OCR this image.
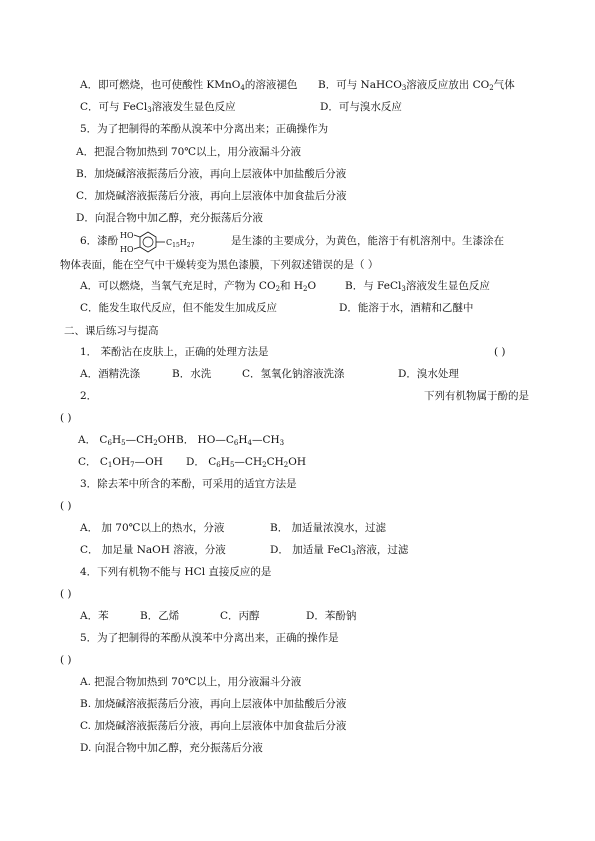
A．即可燃烧，也可使酸性 KMnO$_4$的溶液褪色 B．可与 NaHCO$_3$溶液反应放出 $CO_2$气体
C．可与 FeCl$_3$溶液发生显色反应	D．可与溴水反应
5．为了把制得的苯酚从溴苯中分离出来；正确操作为
A．把混合物加热到 70℃以上，用分液漏斗分液
B．加烧碱溶液振荡后分液，再向上层液体中加盐酸后分液
C．加烧碱溶液振荡后分液，再向上层液体中加食盐后分液
D．向混合物中加乙醇，充分振荡后分液
6．漆酚 HO
HO
$C_{15}H_{27}$	是生漆的主要成分，为黄色，能溶于有机溶剂中。生漆涂在
物体表面，能在空气中干燥转变为黑色漆膜，下列叙述错误的是（ ）
A．可以燃烧，当氧气充足时，产物为 $CO_2$和 $H_2O$	B．与 FeCl$_3$溶液发生显色反应
C．能发生取代反应，但不能发生加成反应	D．能溶于水，酒精和乙醚中
二、课后练习与提高
1． 苯酚沾在皮肤上，正确的处理方法是	( )
A．酒精洗涤	B．水洗	C．氢氧化钠溶液洗涤	D．溴水处理
2．	下列有机物属于酚的是
( )
A． $C_6H_5—CH_2OH$ B． $HO—C_6H_4—CH_3$
C． $C_1OH_7—OH$ D． $C_6H_5—CH_2CH_2OH$
3．除去苯中所含的苯酚，可采用的适宜方法是
( )
A． 加 70℃以上的热水，分液	B． 加适量浓溴水，过滤
C． 加足量 NaOH 溶液，分液	D． 加适量 FeCl$_3$溶液，过滤
4．下列有机物不能与 HCl 直接反应的是
( )
A．苯	B．乙烯	C．丙醇	D．苯酚钠
5．为了把制得的苯酚从溴苯中分离出来，正确的操作是
( )
A. 把混合物加热到 70℃以上，用分液漏斗分液
B. 加烧碱溶液振荡后分液，再向上层液体中加盐酸后分液
C. 加烧碱溶液振荡后分液，再向上层液体中加食盐后分液
D. 向混合物中加乙醇，充分振荡后分液
